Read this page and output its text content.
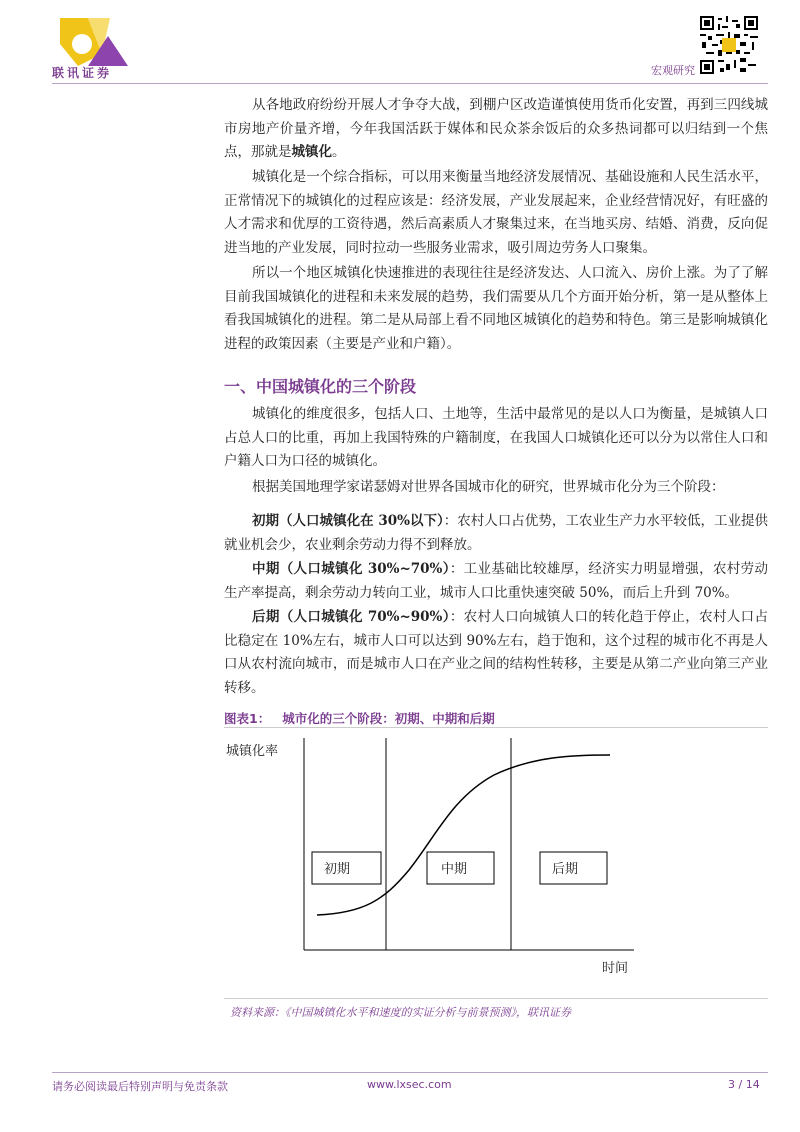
联讯证券	宏观研究

从各地政府纷纷开展人才争夺大战，到棚户区改造谨慎使用货币化安置，再到三四线城市房地产价量齐增，今年我国活跃于媒体和民众茶余饭后的众多热词都可以归结到一个焦点，那就是城镇化。

城镇化是一个综合指标，可以用来衡量当地经济发展情况、基础设施和人民生活水平，正常情况下的城镇化的过程应该是：经济发展，产业发展起来，企业经营情况好，有旺盛的人才需求和优厚的工资待遇，然后高素质人才聚集过来，在当地买房、结婚、消费，反向促进当地的产业发展，同时拉动一些服务业需求，吸引周边劳务人口聚集。

所以一个地区城镇化快速推进的表现往往是经济发达、人口流入、房价上涨。为了了解目前我国城镇化的进程和未来发展的趋势，我们需要从几个方面开始分析，第一是从整体上看我国城镇化的进程。第二是从局部上看不同地区城镇化的趋势和特色。第三是影响城镇化进程的政策因素（主要是产业和户籍）。

一、中国城镇化的三个阶段

城镇化的维度很多，包括人口、土地等，生活中最常见的是以人口为衡量，是城镇人口占总人口的比重，再加上我国特殊的户籍制度，在我国人口城镇化还可以分为以常住人口和户籍人口为口径的城镇化。

根据美国地理学家诺瑟姆对世界各国城市化的研究，世界城市化分为三个阶段：

初期（人口城镇化在 30%以下）：农村人口占优势，工农业生产力水平较低，工业提供就业机会少，农业剩余劳动力得不到释放。

中期（人口城镇化 30%~70%）：工业基础比较雄厚，经济实力明显增强，农村劳动生产率提高，剩余劳动力转向工业，城市人口比重快速突破 50%，而后上升到 70%。

后期（人口城镇化 70%~90%）：农村人口向城镇人口的转化趋于停止，农村人口占比稳定在 10%左右，城市人口可以达到 90%左右，趋于饱和，这个过程的城市化不再是人口从农村流向城市，而是城市人口在产业之间的结构性转移，主要是从第二产业向第三产业转移。

图表1： 城市化的三个阶段：初期、中期和后期
城镇化率
初期	中期	后期
时间
资料来源：《中国城镇化水平和速度的实证分析与前景预测》，联讯证券
请务必阅读最后特别声明与免责条款	www.lxsec.com	3 / 14
